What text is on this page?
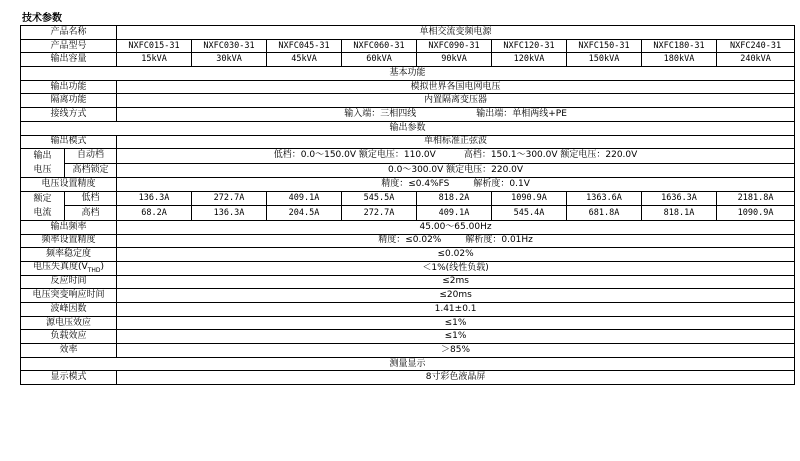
技术参数
产品名称		单相交流变频电源								
产品型号		NXFC015-31	NXFC030-31	NXFC045-31	NXFC060-31	NXFC090-31	NXFC120-31	NXFC150-31	NXFC180-31	NXFC240-31
输出容量		15kVA	30kVA	45kVA	60kVA	90kVA	120kVA	150kVA	180kVA	240kVA
基本功能										
输出功能		模拟世界各国电网电压								
隔离功能		内置隔离变压器								
接线方式		输入端：三相四线 输出端：单相两线+PE								
输出参数										
输出模式		单相标准正弦波								
输出
电压	自动档	低档：0.0～150.0V 额定电压：110.0V 高档：150.1～300.0V 额定电压：220.0V								
	高档锁定	0.0～300.0V 额定电压：220.0V								
电压设置精度		精度：≤0.4%FS 解析度：0.1V								
额定
电流	低档	136.3A	272.7A	409.1A	545.5A	818.2A	1090.9A	1363.6A	1636.3A	2181.8A
	高档	68.2A	136.3A	204.5A	272.7A	409.1A	545.4A	681.8A	818.1A	1090.9A
输出频率		45.00～65.00Hz								
频率设置精度		精度：≤0.02% 解析度：0.01Hz								
频率稳定度		≤0.02%								
电压失真度$(V_{THD})$		＜1%(线性负载)								
反应时间		≤2ms								
电压突变响应时间		≤20ms								
波峰因数		1.41±0.1								
源电压效应		≤1%								
负载效应		≤1%								
效率		＞85%								
测量显示										
显示模式		8寸彩色液晶屏								
